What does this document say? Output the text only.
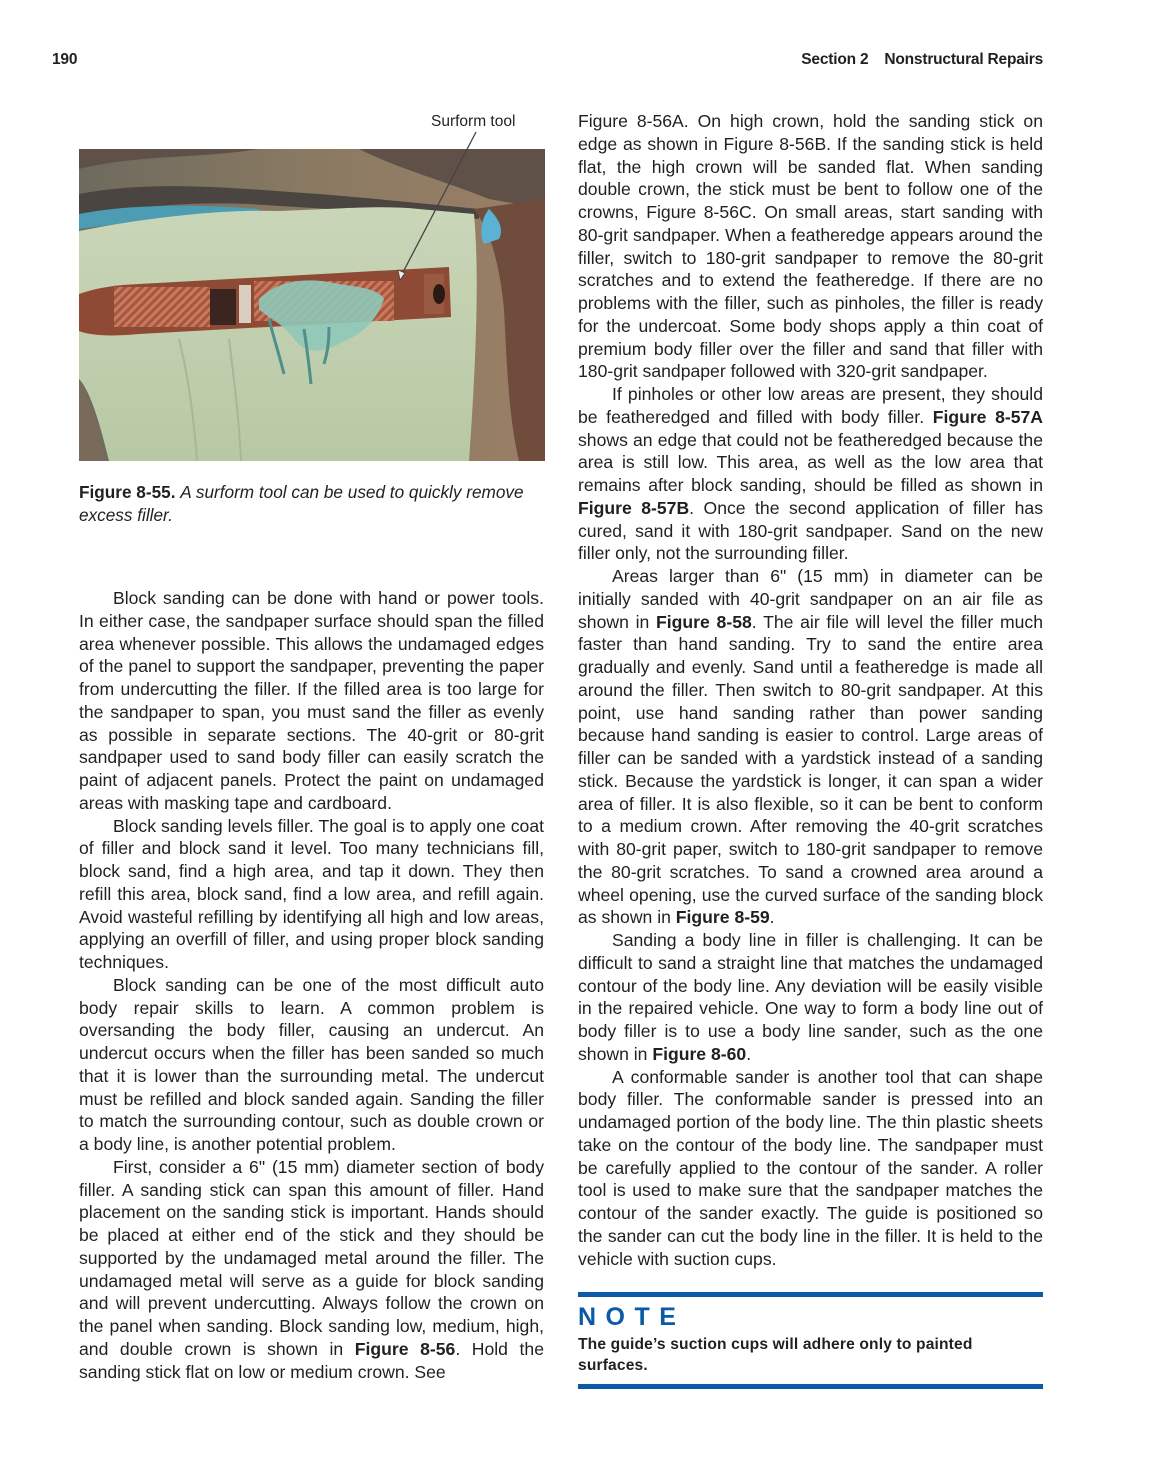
190	Section 2 Nonstructural Repairs
Surform tool
Figure 8-55. A surform tool can be used to quickly remove excess filler.

Block sanding can be done with hand or power tools. In either case, the sandpaper surface should span the filled area whenever possible. This allows the undamaged edges of the panel to support the sandpaper, preventing the paper from undercutting the filler. If the filled area is too large for the sandpaper to span, you must sand the filler as evenly as possible in separate sections. The 40-grit or 80-grit sandpaper used to sand body filler can easily scratch the paint of adjacent panels. Protect the paint on undamaged areas with masking tape and cardboard.

Block sanding levels filler. The goal is to apply one coat of filler and block sand it level. Too many technicians fill, block sand, find a high area, and tap it down. They then refill this area, block sand, find a low area, and refill again. Avoid wasteful refilling by identifying all high and low areas, applying an overfill of filler, and using proper block sanding techniques.

Block sanding can be one of the most difficult auto body repair skills to learn. A common problem is oversanding the body filler, causing an undercut. An undercut occurs when the filler has been sanded so much that it is lower than the surrounding metal. The undercut must be refilled and block sanded again. Sanding the filler to match the surrounding contour, such as double crown or a body line, is another potential problem.

First, consider a 6" (15 mm) diameter section of body filler. A sanding stick can span this amount of filler. Hand placement on the sanding stick is important. Hands should be placed at either end of the stick and they should be supported by the undamaged metal around the filler. The undamaged metal will serve as a guide for block sanding and will prevent undercutting. Always follow the crown on the panel when sanding. Block sanding low, medium, high, and double crown is shown in Figure 8-56. Hold the sanding stick flat on low or medium crown. See

Figure 8-56A. On high crown, hold the sanding stick on edge as shown in Figure 8-56B. If the sanding stick is held flat, the high crown will be sanded flat. When sanding double crown, the stick must be bent to follow one of the crowns, Figure 8-56C. On small areas, start sanding with 80-grit sandpaper. When a featheredge appears around the filler, switch to 180-grit sandpaper to remove the 80-grit scratches and to extend the featheredge. If there are no problems with the filler, such as pinholes, the filler is ready for the undercoat. Some body shops apply a thin coat of premium body filler over the filler and sand that filler with 180-grit sandpaper followed with 320-grit sandpaper.

If pinholes or other low areas are present, they should be featheredged and filled with body filler. Figure 8-57A shows an edge that could not be featheredged because the area is still low. This area, as well as the low area that remains after block sanding, should be filled as shown in Figure 8-57B. Once the second application of filler has cured, sand it with 180-grit sandpaper. Sand on the new filler only, not the surrounding filler.

Areas larger than 6" (15 mm) in diameter can be initially sanded with 40-grit sandpaper on an air file as shown in Figure 8-58. The air file will level the filler much faster than hand sanding. Try to sand the entire area gradually and evenly. Sand until a featheredge is made all around the filler. Then switch to 80-grit sandpaper. At this point, use hand sanding rather than power sanding because hand sanding is easier to control. Large areas of filler can be sanded with a yardstick instead of a sanding stick. Because the yardstick is longer, it can span a wider area of filler. It is also flexible, so it can be bent to conform to a medium crown. After removing the 40-grit scratches with 80-grit paper, switch to 180-grit sandpaper to remove the 80-grit scratches. To sand a crowned area around a wheel opening, use the curved surface of the sanding block as shown in Figure 8-59.

Sanding a body line in filler is challenging. It can be difficult to sand a straight line that matches the undamaged contour of the body line. Any deviation will be easily visible in the repaired vehicle. One way to form a body line out of body filler is to use a body line sander, such as the one shown in Figure 8-60.

A conformable sander is another tool that can shape body filler. The conformable sander is pressed into an undamaged portion of the body line. The thin plastic sheets take on the contour of the body line. The sandpaper must be carefully applied to the contour of the sander. A roller tool is used to make sure that the sandpaper matches the contour of the sander exactly. The guide is positioned so the sander can cut the body line in the filler. It is held to the vehicle with suction cups.

NOTE
The guide’s suction cups will adhere only to painted surfaces.
